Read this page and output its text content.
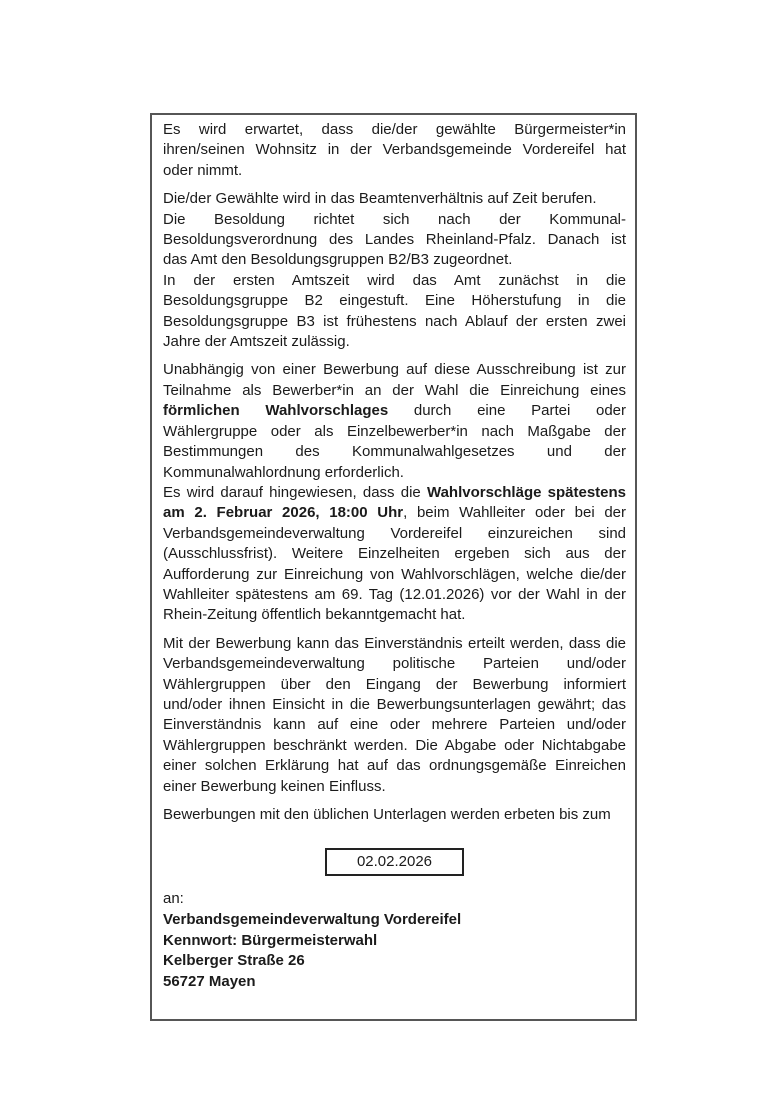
Es wird erwartet, dass die/der gewählte Bürgermeister*in
ihren/seinen Wohnsitz in der Verbandsgemeinde Vordereifel hat
oder nimmt.
Die/der Gewählte wird in das Beamtenverhältnis auf Zeit berufen.
Die Besoldung richtet sich nach der Kommunal-
Besoldungsverordnung des Landes Rheinland-Pfalz. Danach ist
das Amt den Besoldungsgruppen B2/B3 zugeordnet.
In der ersten Amtszeit wird das Amt zunächst in die
Besoldungsgruppe B2 eingestuft. Eine Höherstufung in die
Besoldungsgruppe B3 ist frühestens nach Ablauf der ersten zwei
Jahre der Amtszeit zulässig.
Unabhängig von einer Bewerbung auf diese Ausschreibung ist zur
Teilnahme als Bewerber*in an der Wahl die Einreichung eines
förmlichen Wahlvorschlages durch eine Partei oder
Wählergruppe oder als Einzelbewerber*in nach Maßgabe der
Bestimmungen des Kommunalwahlgesetzes und der
Kommunalwahlordnung erforderlich.
Es wird darauf hingewiesen, dass die Wahlvorschläge spätestens
am 2. Februar 2026, 18:00 Uhr, beim Wahlleiter oder bei der
Verbandsgemeindeverwaltung Vordereifel einzureichen sind
(Ausschlussfrist). Weitere Einzelheiten ergeben sich aus der
Aufforderung zur Einreichung von Wahlvorschlägen, welche die/der
Wahlleiter spätestens am 69. Tag (12.01.2026) vor der Wahl in der
Rhein-Zeitung öffentlich bekanntgemacht hat.
Mit der Bewerbung kann das Einverständnis erteilt werden, dass die
Verbandsgemeindeverwaltung politische Parteien und/oder
Wählergruppen über den Eingang der Bewerbung informiert
und/oder ihnen Einsicht in die Bewerbungsunterlagen gewährt; das
Einverständnis kann auf eine oder mehrere Parteien und/oder
Wählergruppen beschränkt werden. Die Abgabe oder Nichtabgabe
einer solchen Erklärung hat auf das ordnungsgemäße Einreichen
einer Bewerbung keinen Einfluss.
Bewerbungen mit den üblichen Unterlagen werden erbeten bis zum
02.02.2026
an:
Verbandsgemeindeverwaltung Vordereifel
Kennwort: Bürgermeisterwahl
Kelberger Straße 26
56727 Mayen
